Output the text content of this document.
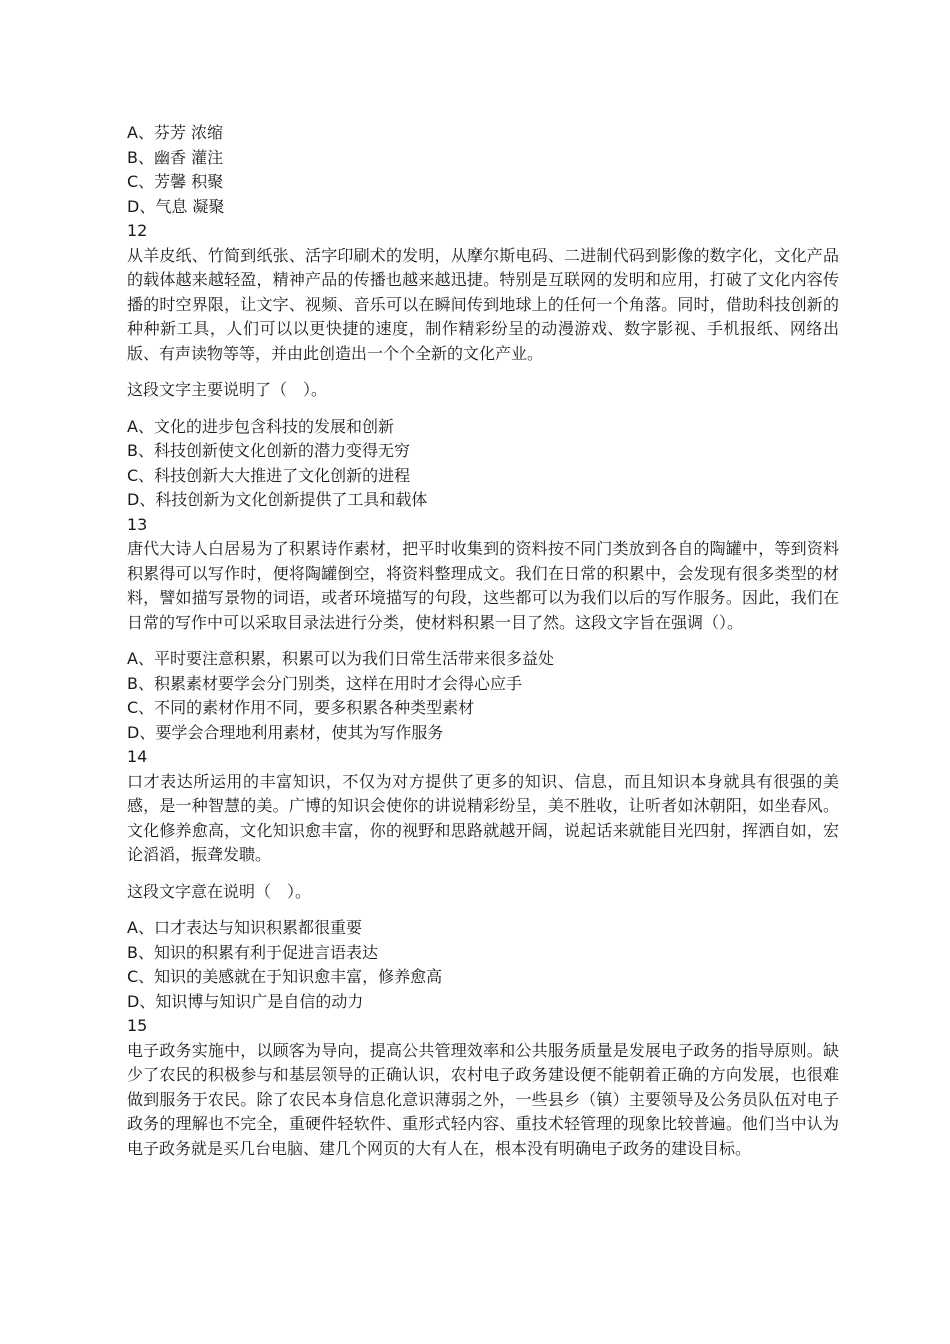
A、芬芳 浓缩
B、幽香 灌注
C、芳馨 积聚
D、气息 凝聚
12
从羊皮纸、竹简到纸张、活字印刷术的发明，从摩尔斯电码、二进制代码到影像的数字化，文化产品的载体越来越轻盈，精神产品的传播也越来越迅捷。特别是互联网的发明和应用，打破了文化内容传播的时空界限，让文字、视频、音乐可以在瞬间传到地球上的任何一个角落。同时，借助科技创新的种种新工具，人们可以以更快捷的速度，制作精彩纷呈的动漫游戏、数字影视、手机报纸、网络出版、有声读物等等，并由此创造出一个个全新的文化产业。
这段文字主要说明了（　）。
A、文化的进步包含科技的发展和创新
B、科技创新使文化创新的潜力变得无穷
C、科技创新大大推进了文化创新的进程
D、科技创新为文化创新提供了工具和载体
13
唐代大诗人白居易为了积累诗作素材，把平时收集到的资料按不同门类放到各自的陶罐中，等到资料积累得可以写作时，便将陶罐倒空，将资料整理成文。我们在日常的积累中，会发现有很多类型的材料，譬如描写景物的词语，或者环境描写的句段，这些都可以为我们以后的写作服务。因此，我们在日常的写作中可以采取目录法进行分类，使材料积累一目了然。这段文字旨在强调（）。
A、平时要注意积累，积累可以为我们日常生活带来很多益处
B、积累素材要学会分门别类，这样在用时才会得心应手
C、不同的素材作用不同，要多积累各种类型素材
D、要学会合理地利用素材，使其为写作服务
14
口才表达所运用的丰富知识，不仅为对方提供了更多的知识、信息，而且知识本身就具有很强的美感，是一种智慧的美。广博的知识会使你的讲说精彩纷呈，美不胜收，让听者如沐朝阳，如坐春风。文化修养愈高，文化知识愈丰富，你的视野和思路就越开阔，说起话来就能目光四射，挥洒自如，宏论滔滔，振聋发聩。
这段文字意在说明（　）。
A、口才表达与知识积累都很重要
B、知识的积累有利于促进言语表达
C、知识的美感就在于知识愈丰富，修养愈高
D、知识博与知识广是自信的动力
15
电子政务实施中，以顾客为导向，提高公共管理效率和公共服务质量是发展电子政务的指导原则。缺少了农民的积极参与和基层领导的正确认识，农村电子政务建设便不能朝着正确的方向发展，也很难做到服务于农民。除了农民本身信息化意识薄弱之外，一些县乡（镇）主要领导及公务员队伍对电子政务的理解也不完全，重硬件轻软件、重形式轻内容、重技术轻管理的现象比较普遍。他们当中认为电子政务就是买几台电脑、建几个网页的大有人在，根本没有明确电子政务的建设目标。
